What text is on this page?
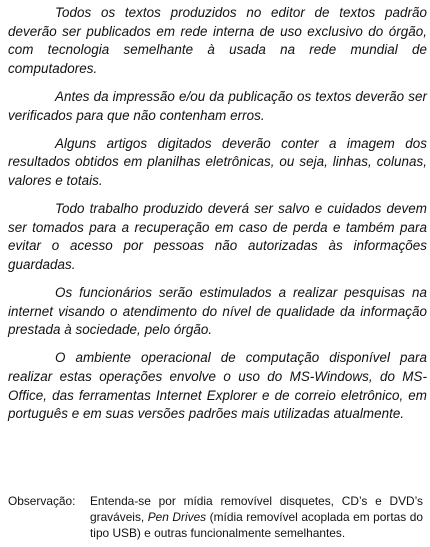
Todos os textos produzidos no editor de textos padrão deverão ser publicados em rede interna de uso exclusivo do órgão, com tecnologia semelhante à usada na rede mundial de computadores.

Antes da impressão e/ou da publicação os textos deverão ser verificados para que não contenham erros.

Alguns artigos digitados deverão conter a imagem dos resultados obtidos em planilhas eletrônicas, ou seja, linhas, colunas, valores e totais.

Todo trabalho produzido deverá ser salvo e cuidados devem ser tomados para a recuperação em caso de perda e também para evitar o acesso por pessoas não autorizadas às informações guardadas.

Os funcionários serão estimulados a realizar pesquisas na internet visando o atendimento do nível de qualidade da informação prestada à sociedade, pelo órgão.

O ambiente operacional de computação disponível para realizar estas operações envolve o uso do MS-Windows, do MS-Office, das ferramentas Internet Explorer e de correio eletrônico, em português e em suas versões padrões mais utilizadas atualmente.

Observação: Entenda-se por mídia removível disquetes, CD’s e DVD’s graváveis, Pen Drives (mídia removível acoplada em portas do tipo USB) e outras funcionalmente semelhantes.
